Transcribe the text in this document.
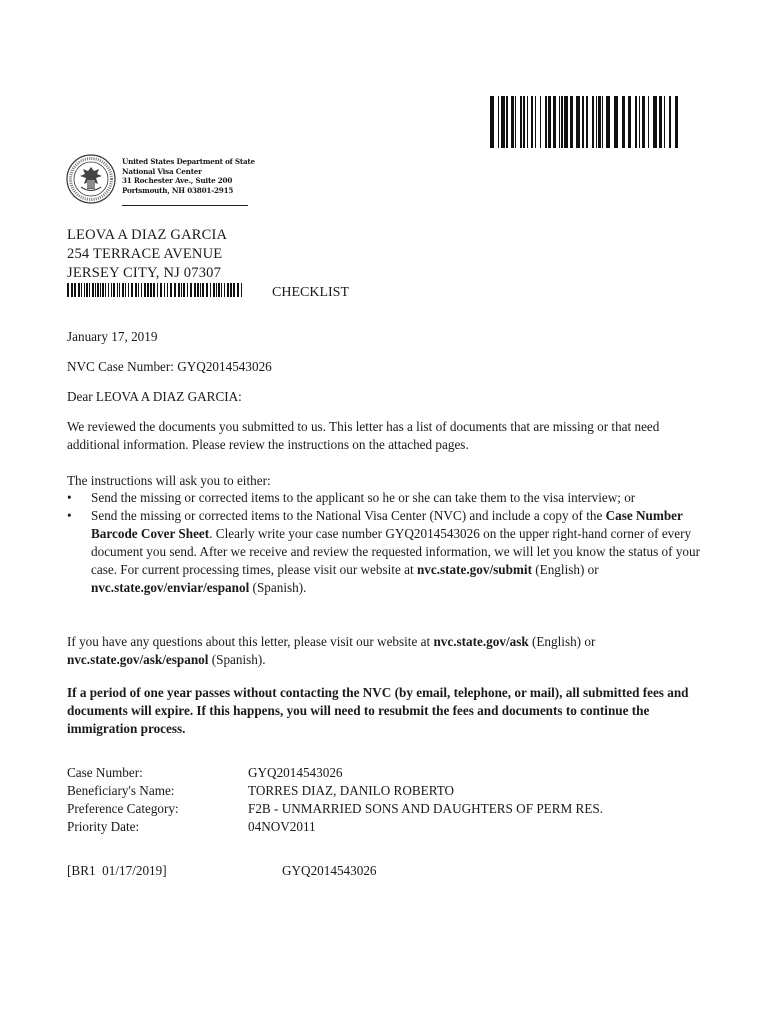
United States Department of State
National Visa Center
31 Rochester Ave., Suite 200
Portsmouth, NH 03801-2915
LEOVA A DIAZ GARCIA
254 TERRACE AVENUE
JERSEY CITY, NJ 07307
CHECKLIST
January 17, 2019
NVC Case Number: GYQ2014543026
Dear LEOVA A DIAZ GARCIA:
We reviewed the documents you submitted to us. This letter has a list of documents that are missing or that need additional information. Please review the instructions on the attached pages.
The instructions will ask you to either:
• Send the missing or corrected items to the applicant so he or she can take them to the visa interview; or
• Send the missing or corrected items to the National Visa Center (NVC) and include a copy of the Case Number Barcode Cover Sheet. Clearly write your case number GYQ2014543026 on the upper right-hand corner of every document you send. After we receive and review the requested information, we will let you know the status of your case. For current processing times, please visit our website at nvc.state.gov/submit (English) or nvc.state.gov/enviar/espanol (Spanish).
If you have any questions about this letter, please visit our website at nvc.state.gov/ask (English) or nvc.state.gov/ask/espanol (Spanish).
If a period of one year passes without contacting the NVC (by email, telephone, or mail), all submitted fees and documents will expire. If this happens, you will need to resubmit the fees and documents to continue the immigration process.
Case Number:	GYQ2014543026
Beneficiary's Name:	TORRES DIAZ, DANILO ROBERTO
Preference Category:	F2B - UNMARRIED SONS AND DAUGHTERS OF PERM RES.
Priority Date:	04NOV2011
[BR1  01/17/2019]	GYQ2014543026
